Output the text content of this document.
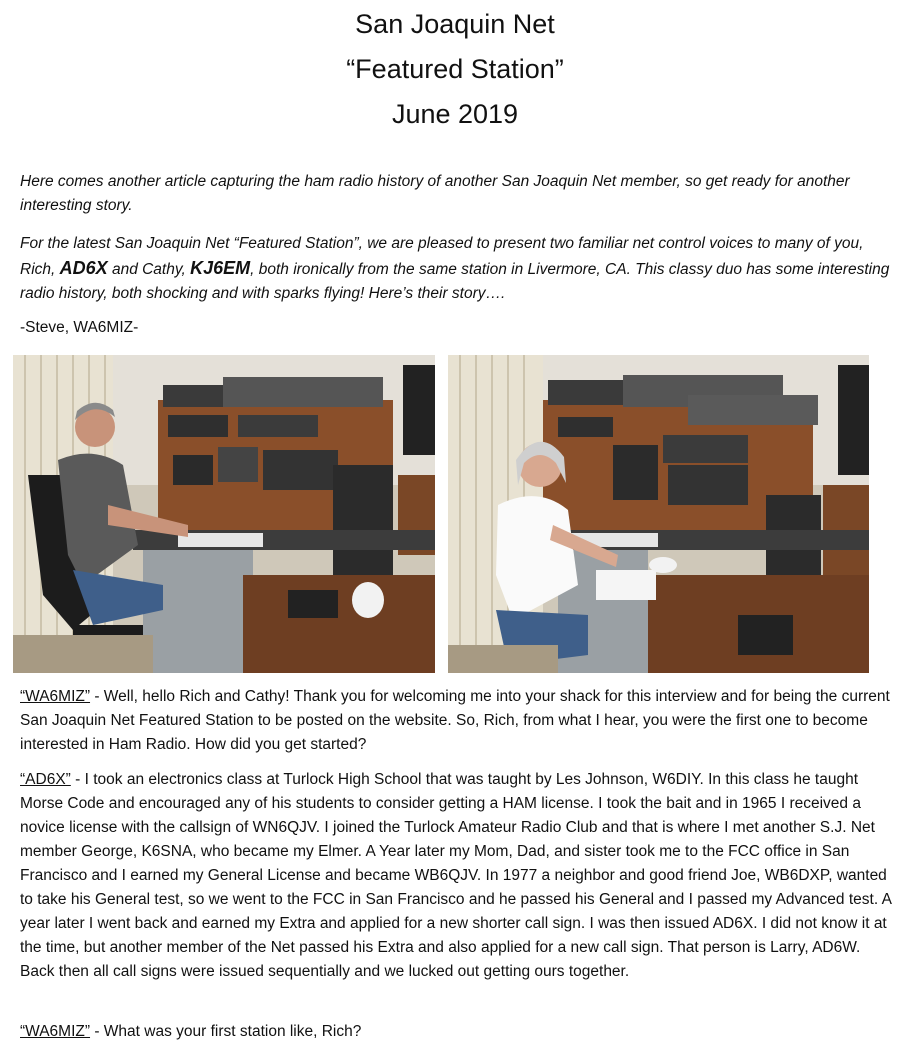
San Joaquin Net
“Featured Station”
June 2019

Here comes another article capturing the ham radio history of another San Joaquin Net member, so get ready for another interesting story.

For the latest San Joaquin Net “Featured Station”, we are pleased to present two familiar net control voices to many of you, Rich, AD6X and Cathy, KJ6EM, both ironically from the same station in Livermore, CA. This classy duo has some interesting radio history, both shocking and with sparks flying! Here’s their story….

-Steve, WA6MIZ-

“WA6MIZ” - Well, hello Rich and Cathy! Thank you for welcoming me into your shack for this interview and for being the current San Joaquin Net Featured Station to be posted on the website. So, Rich, from what I hear, you were the first one to become interested in Ham Radio. How did you get started?

“AD6X” - I took an electronics class at Turlock High School that was taught by Les Johnson, W6DIY. In this class he taught Morse Code and encouraged any of his students to consider getting a HAM license. I took the bait and in 1965 I received a novice license with the callsign of WN6QJV. I joined the Turlock Amateur Radio Club and that is where I met another S.J. Net member George, K6SNA, who became my Elmer. A Year later my Mom, Dad, and sister took me to the FCC office in San Francisco and I earned my General License and became WB6QJV. In 1977 a neighbor and good friend Joe, WB6DXP, wanted to take his General test, so we went to the FCC in San Francisco and he passed his General and I passed my Advanced test. A year later I went back and earned my Extra and applied for a new shorter call sign. I was then issued AD6X. I did not know it at the time, but another member of the Net passed his Extra and also applied for a new call sign. That person is Larry, AD6W. Back then all call signs were issued sequentially and we lucked out getting ours together.

“WA6MIZ” - What was your first station like, Rich?
